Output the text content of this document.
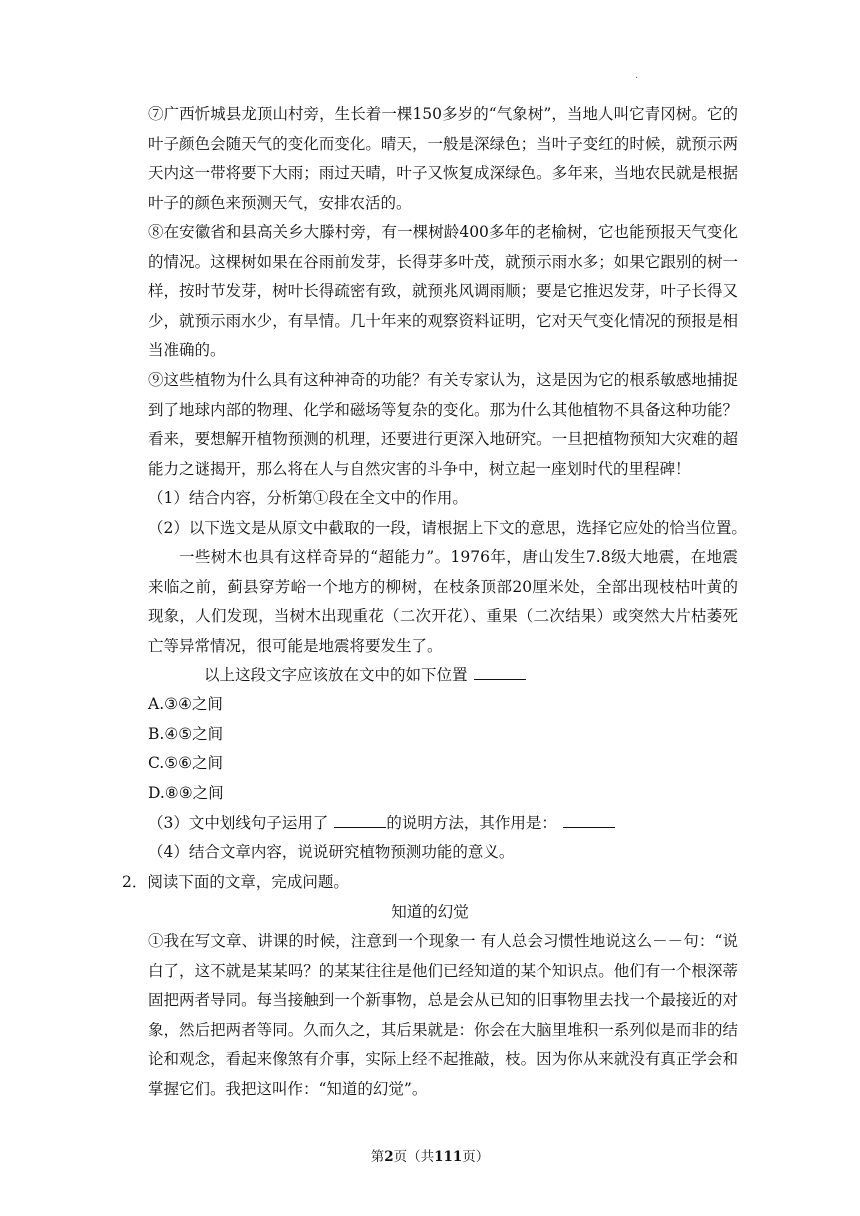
.
⑦广西忻城县龙顶山村旁，生长着一棵150多岁的“气象树”，当地人叫它青冈树。它的叶子颜色会随天气的变化而变化。晴天，一般是深绿色；当叶子变红的时候，就预示两天内这一带将要下大雨；雨过天晴，叶子又恢复成深绿色。多年来，当地农民就是根据叶子的颜色来预测天气，安排农活的。
⑧在安徽省和县高关乡大滕村旁，有一棵树龄400多年的老榆树，它也能预报天气变化的情况。这棵树如果在谷雨前发芽，长得芽多叶茂，就预示雨水多；如果它跟别的树一样，按时节发芽，树叶长得疏密有致，就预兆风调雨顺；要是它推迟发芽，叶子长得又少，就预示雨水少，有旱情。几十年来的观察资料证明，它对天气变化情况的预报是相当准确的。
⑨这些植物为什么具有这种神奇的功能？有关专家认为，这是因为它的根系敏感地捕捉到了地球内部的物理、化学和磁场等复杂的变化。那为什么其他植物不具备这种功能？看来，要想解开植物预测的机理，还要进行更深入地研究。一旦把植物预知大灾难的超能力之谜揭开，那么将在人与自然灾害的斗争中，树立起一座划时代的里程碑！
（1）结合内容，分析第①段在全文中的作用。
（2）以下选文是从原文中截取的一段，请根据上下文的意思，选择它应处的恰当位置。
一些树木也具有这样奇异的“超能力”。1976年，唐山发生7.8级大地震，在地震来临之前，蓟县穿芳峪一个地方的柳树，在枝条顶部20厘米处，全部出现枝枯叶黄的现象，人们发现，当树木出现重花（二次开花）、重果（二次结果）或突然大片枯萎死亡等异常情况，很可能是地震将要发生了。
以上这段文字应该放在文中的如下位置
A.③④之间
B.④⑤之间
C.⑤⑥之间
D.⑧⑨之间
（3）文中划线句子运用了	的说明方法，其作用是：
（4）结合文章内容，说说研究植物预测功能的意义。
2．阅读下面的文章，完成问题。
知道的幻觉
①我在写文章、讲课的时候，注意到一个现象一 有人总会习惯性地说这么－－句：“说白了，这不就是某某吗？的某某往往是他们已经知道的某个知识点。他们有一个根深蒂固把两者导同。每当接触到一个新事物，总是会从已知的旧事物里去找一个最接近的对象，然后把两者等同。久而久之，其后果就是：你会在大脑里堆积一系列似是而非的结论和观念，看起来像煞有介事，实际上经不起推敲，枝。因为你从来就没有真正学会和掌握它们。我把这叫作：“知道的幻觉”。
第2页（共111页）
